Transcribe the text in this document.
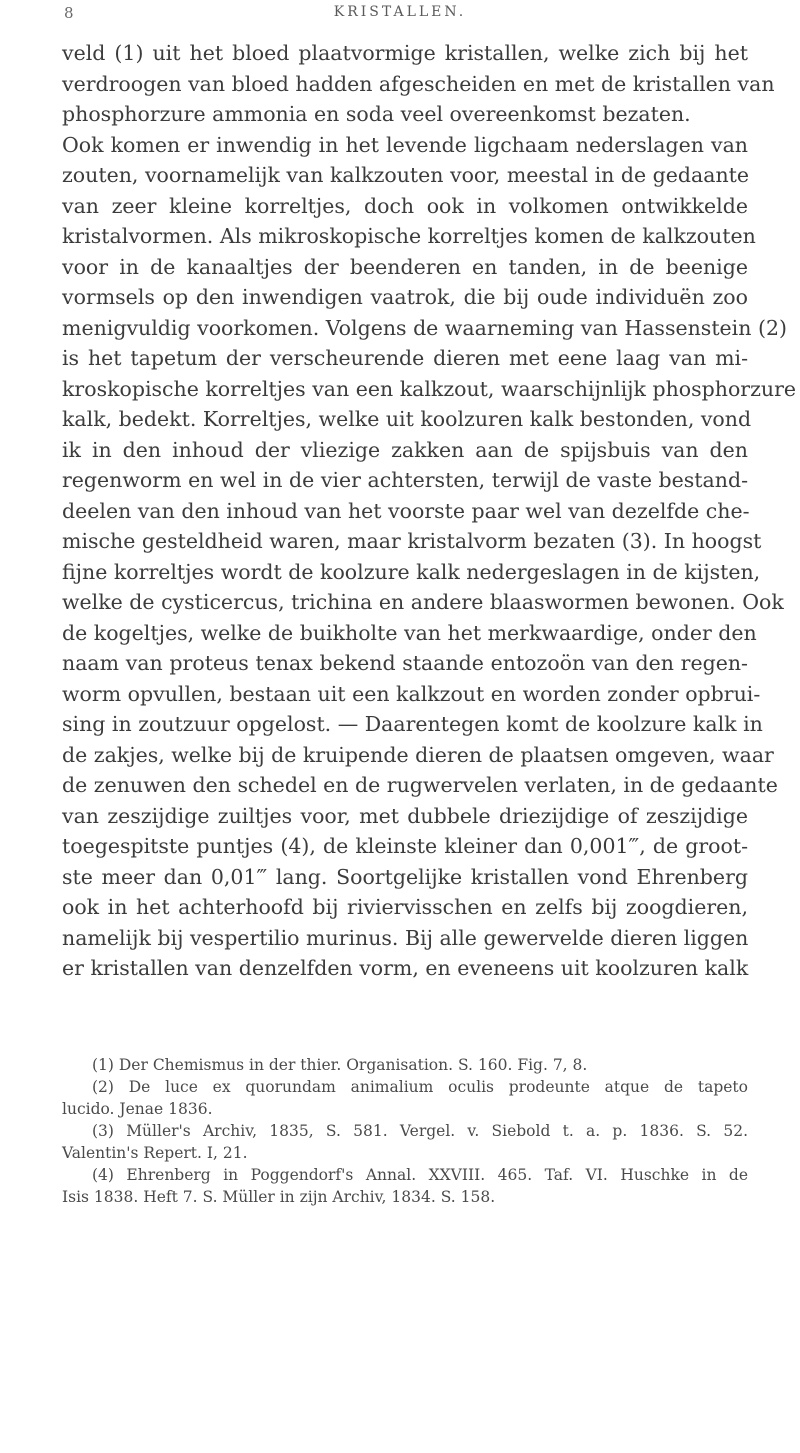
8	KRISTALLEN.
veld (1) uit het bloed plaatvormige kristallen, welke zich bij het
verdroogen van bloed hadden afgescheiden en met de kristallen van
phosphorzure ammonia en soda veel overeenkomst bezaten.
Ook komen er inwendig in het levende ligchaam nederslagen van
zouten, voornamelijk van kalkzouten voor, meestal in de gedaante
van zeer kleine korreltjes, doch ook in volkomen ontwikkelde
kristalvormen. Als mikroskopische korreltjes komen de kalkzouten
voor in de kanaaltjes der beenderen en tanden, in de beenige
vormsels op den inwendigen vaatrok, die bij oude individuën zoo
menigvuldig voorkomen. Volgens de waarneming van Hassenstein (2)
is het tapetum der verscheurende dieren met eene laag van mi-
kroskopische korreltjes van een kalkzout, waarschijnlijk phosphorzure
kalk, bedekt. Korreltjes, welke uit koolzuren kalk bestonden, vond
ik in den inhoud der vliezige zakken aan de spijsbuis van den
regenworm en wel in de vier achtersten, terwijl de vaste bestand-
deelen van den inhoud van het voorste paar wel van dezelfde che-
mische gesteldheid waren, maar kristalvorm bezaten (3). In hoogst
fijne korreltjes wordt de koolzure kalk nedergeslagen in de kijsten,
welke de cysticercus, trichina en andere blaaswormen bewonen. Ook
de kogeltjes, welke de buikholte van het merkwaardige, onder den
naam van proteus tenax bekend staande entozoön van den regen-
worm opvullen, bestaan uit een kalkzout en worden zonder opbrui-
sing in zoutzuur opgelost. — Daarentegen komt de koolzure kalk in
de zakjes, welke bij de kruipende dieren de plaatsen omgeven, waar
de zenuwen den schedel en de rugwervelen verlaten, in de gedaante
van zeszijdige zuiltjes voor, met dubbele driezijdige of zeszijdige
toegespitste puntjes (4), de kleinste kleiner dan 0,001‴, de groot-
ste meer dan 0,01‴ lang. Soortgelijke kristallen vond Ehrenberg
ook in het achterhoofd bij riviervisschen en zelfs bij zoogdieren,
namelijk bij vespertilio murinus. Bij alle gewervelde dieren liggen
er kristallen van denzelfden vorm, en eveneens uit koolzuren kalk
(1) Der Chemismus in der thier. Organisation. S. 160. Fig. 7, 8.
(2) De luce ex quorundam animalium oculis prodeunte atque de tapeto
lucido. Jenae 1836.
(3) Müller's Archiv, 1835, S. 581. Vergel. v. Siebold t. a. p. 1836. S. 52.
Valentin's Repert. I, 21.
(4) Ehrenberg in Poggendorf's Annal. XXVIII. 465. Taf. VI. Huschke in de
Isis 1838. Heft 7. S. Müller in zijn Archiv, 1834. S. 158.
